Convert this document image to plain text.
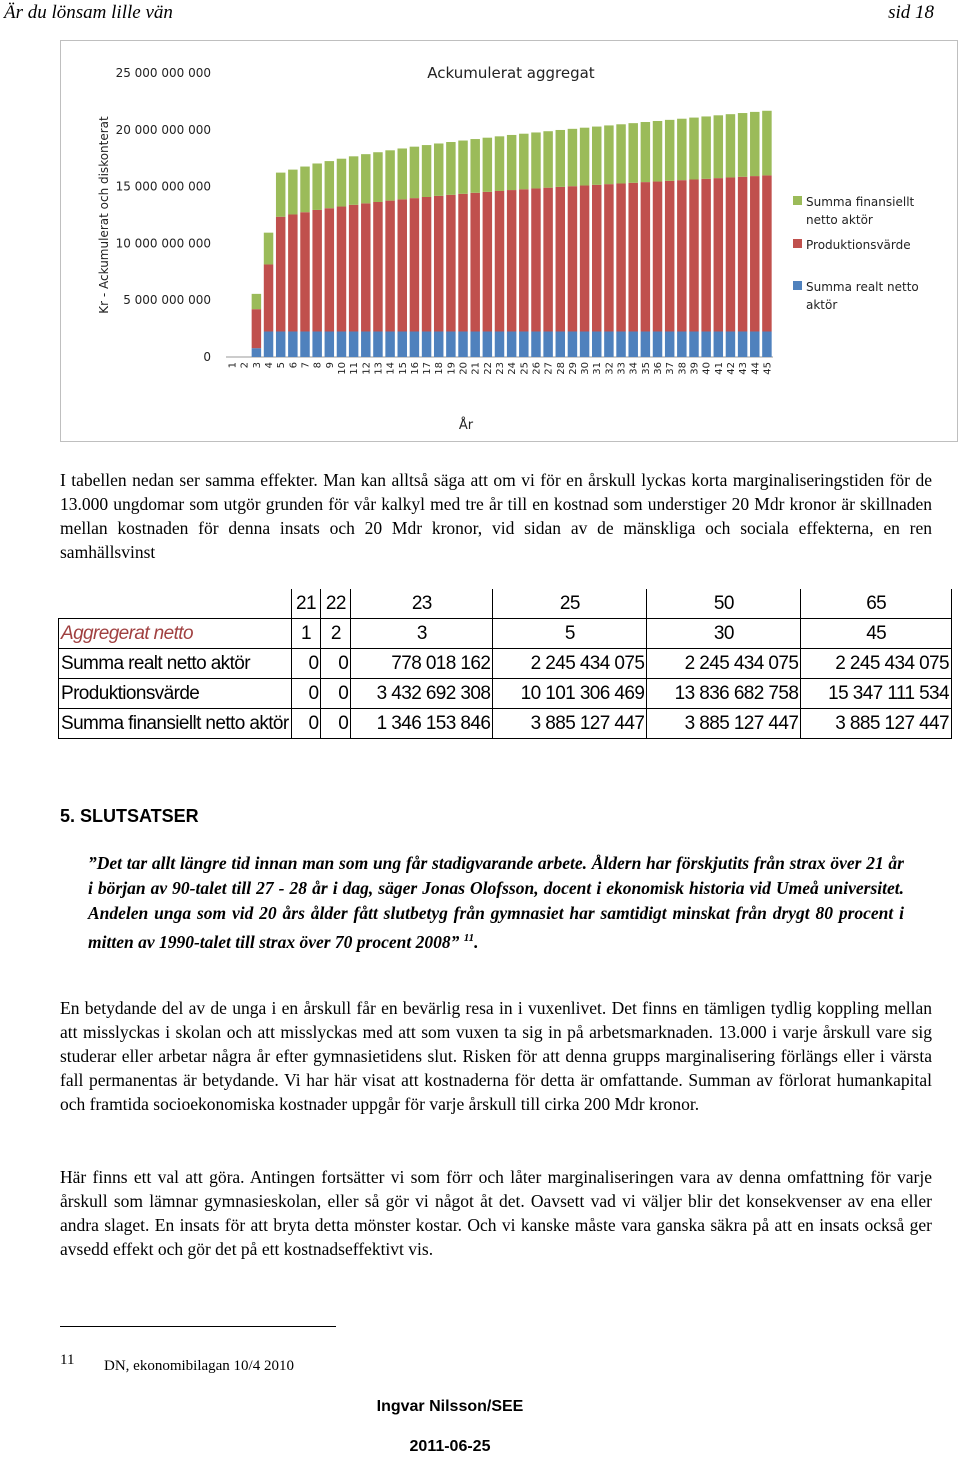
Är du lönsam lille vän	sid 18
Ackumulerat aggregat
0
5 000 000 000
10 000 000 000
15 000 000 000
20 000 000 000
25 000 000 000
Kr - Ackumulerat och diskonterat
1 2 3 4 5 6 7 8 9 10 11 12 13 14 15 16 17 18 19 20 21 22 23 24 25 26 27 28 29 30 31 32 33 34 35 36 37 38 39 40 41 42 43 44 45
År
Summa finansiellt
netto aktör
Produktionsvärde
Summa realt netto
aktör

I tabellen nedan ser samma effekter. Man kan alltså säga att om vi för en årskull lyckas korta marginaliseringstiden för de 13.000 ungdomar som utgör grunden för vår kalkyl med tre år till en kostnad som understiger 20 Mdr kronor är skillnaden mellan kostnaden för denna insats och 20 Mdr kronor, vid sidan av de mänskliga och sociala effekterna, en ren samhällsvinst

	21	22	23	25	50	65
Aggregerat netto	1	2	3	5	30	45
Summa realt netto aktör	0	0	778 018 162	2 245 434 075	2 245 434 075	2 245 434 075
Produktionsvärde	0	0	3 432 692 308	10 101 306 469	13 836 682 758	15 347 111 534
Summa finansiellt netto aktör	0	0	1 346 153 846	3 885 127 447	3 885 127 447	3 885 127 447
5. SLUTSATSER

”Det tar allt längre tid innan man som ung får stadigvarande arbete. Åldern har förskjutits från strax över 21 år i början av 90-talet till 27 - 28 år i dag, säger Jonas Olofsson, docent i ekonomisk historia vid Umeå universitet. Andelen unga som vid 20 års ålder fått slutbetyg från gymnasiet har samtidigt minskat från drygt 80 procent i mitten av 1990-talet till strax över 70 procent 2008” $^{11}$.

En betydande del av de unga i en årskull får en bevärlig resa in i vuxenlivet. Det finns en tämligen tydlig koppling mellan att misslyckas i skolan och att misslyckas med att som vuxen ta sig in på arbetsmarknaden. 13.000 i varje årskull vare sig studerar eller arbetar några år efter gymnasietidens slut. Risken för att denna grupps marginalisering förlängs eller i värsta fall permanentas är betydande. Vi har här visat att kostnaderna för detta är omfattande. Summan av förlorat humankapital och framtida socioekonomiska kostnader uppgår för varje årskull till cirka 200 Mdr kronor.

Här finns ett val att göra. Antingen fortsätter vi som förr och låter marginaliseringen vara av denna omfattning för varje årskull som lämnar gymnasieskolan, eller så gör vi något åt det. Oavsett vad vi väljer blir det konsekvenser av ena eller andra slaget. En insats för att bryta detta mönster kostar. Och vi kanske måste vara ganska säkra på att en insats också ger avsedd effekt och gör det på ett kostnadseffektivt vis.

11 DN, ekonomibilagan 10/4 2010
Ingvar Nilsson/SEE
2011-06-25
